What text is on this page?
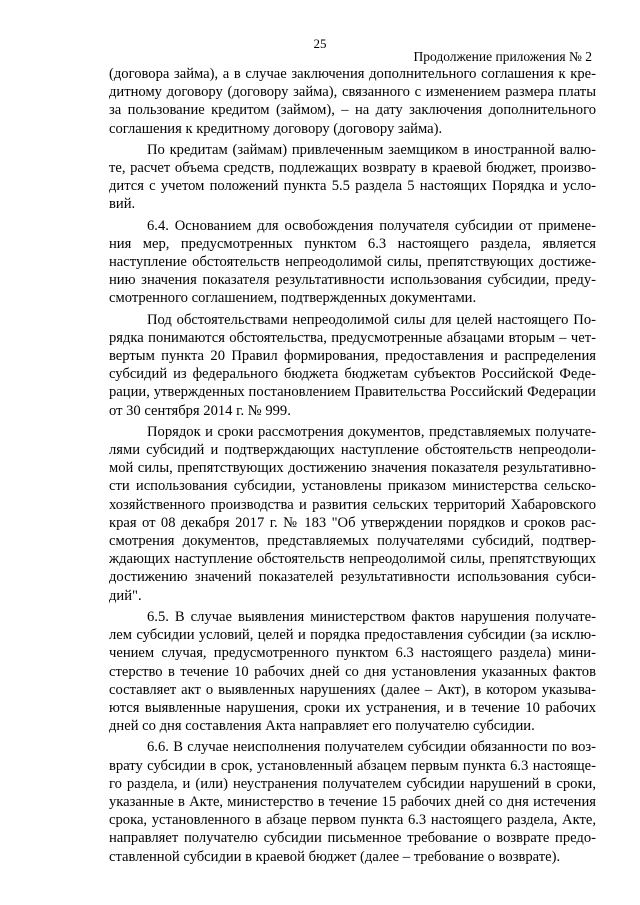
25
Продолжение приложения № 2

(договора займа), а в случае заключения дополнительного соглашения к кредитному договору (договору займа), связанного с изменением размера платы за пользование кредитом (займом), – на дату заключения дополнительного соглашения к кредитному договору (договору займа).

По кредитам (займам) привлеченным заемщиком в иностранной валюте, расчет объема средств, подлежащих возврату в краевой бюджет, производится с учетом положений пункта 5.5 раздела 5 настоящих Порядка и условий.

6.4. Основанием для освобождения получателя субсидии от применения мер, предусмотренных пунктом 6.3 настоящего раздела, является наступление обстоятельств непреодолимой силы, препятствующих достижению значения показателя результативности использования субсидии, предусмотренного соглашением, подтвержденных документами.

Под обстоятельствами непреодолимой силы для целей настоящего Порядка понимаются обстоятельства, предусмотренные абзацами вторым – четвертым пункта 20 Правил формирования, предоставления и распределения субсидий из федерального бюджета бюджетам субъектов Российской Федерации, утвержденных постановлением Правительства Российский Федерации от 30 сентября 2014 г. № 999.

Порядок и сроки рассмотрения документов, представляемых получателями субсидий и подтверждающих наступление обстоятельств непреодолимой силы, препятствующих достижению значения показателя результативности использования субсидии, установлены приказом министерства сельскохозяйственного производства и развития сельских территорий Хабаровского края от 08 декабря 2017 г. № 183 "Об утверждении порядков и сроков рассмотрения документов, представляемых получателями субсидий, подтверждающих наступление обстоятельств непреодолимой силы, препятствующих достижению значений показателей результативности использования субсидий".

6.5. В случае выявления министерством фактов нарушения получателем субсидии условий, целей и порядка предоставления субсидии (за исключением случая, предусмотренного пунктом 6.3 настоящего раздела) министерство в течение 10 рабочих дней со дня установления указанных фактов составляет акт о выявленных нарушениях (далее – Акт), в котором указываются выявленные нарушения, сроки их устранения, и в течение 10 рабочих дней со дня составления Акта направляет его получателю субсидии.

6.6. В случае неисполнения получателем субсидии обязанности по возврату субсидии в срок, установленный абзацем первым пункта 6.3 настоящего раздела, и (или) неустранения получателем субсидии нарушений в сроки, указанные в Акте, министерство в течение 15 рабочих дней со дня истечения срока, установленного в абзаце первом пункта 6.3 настоящего раздела, Акте, направляет получателю субсидии письменное требование о возврате предоставленной субсидии в краевой бюджет (далее – требование о возврате).
